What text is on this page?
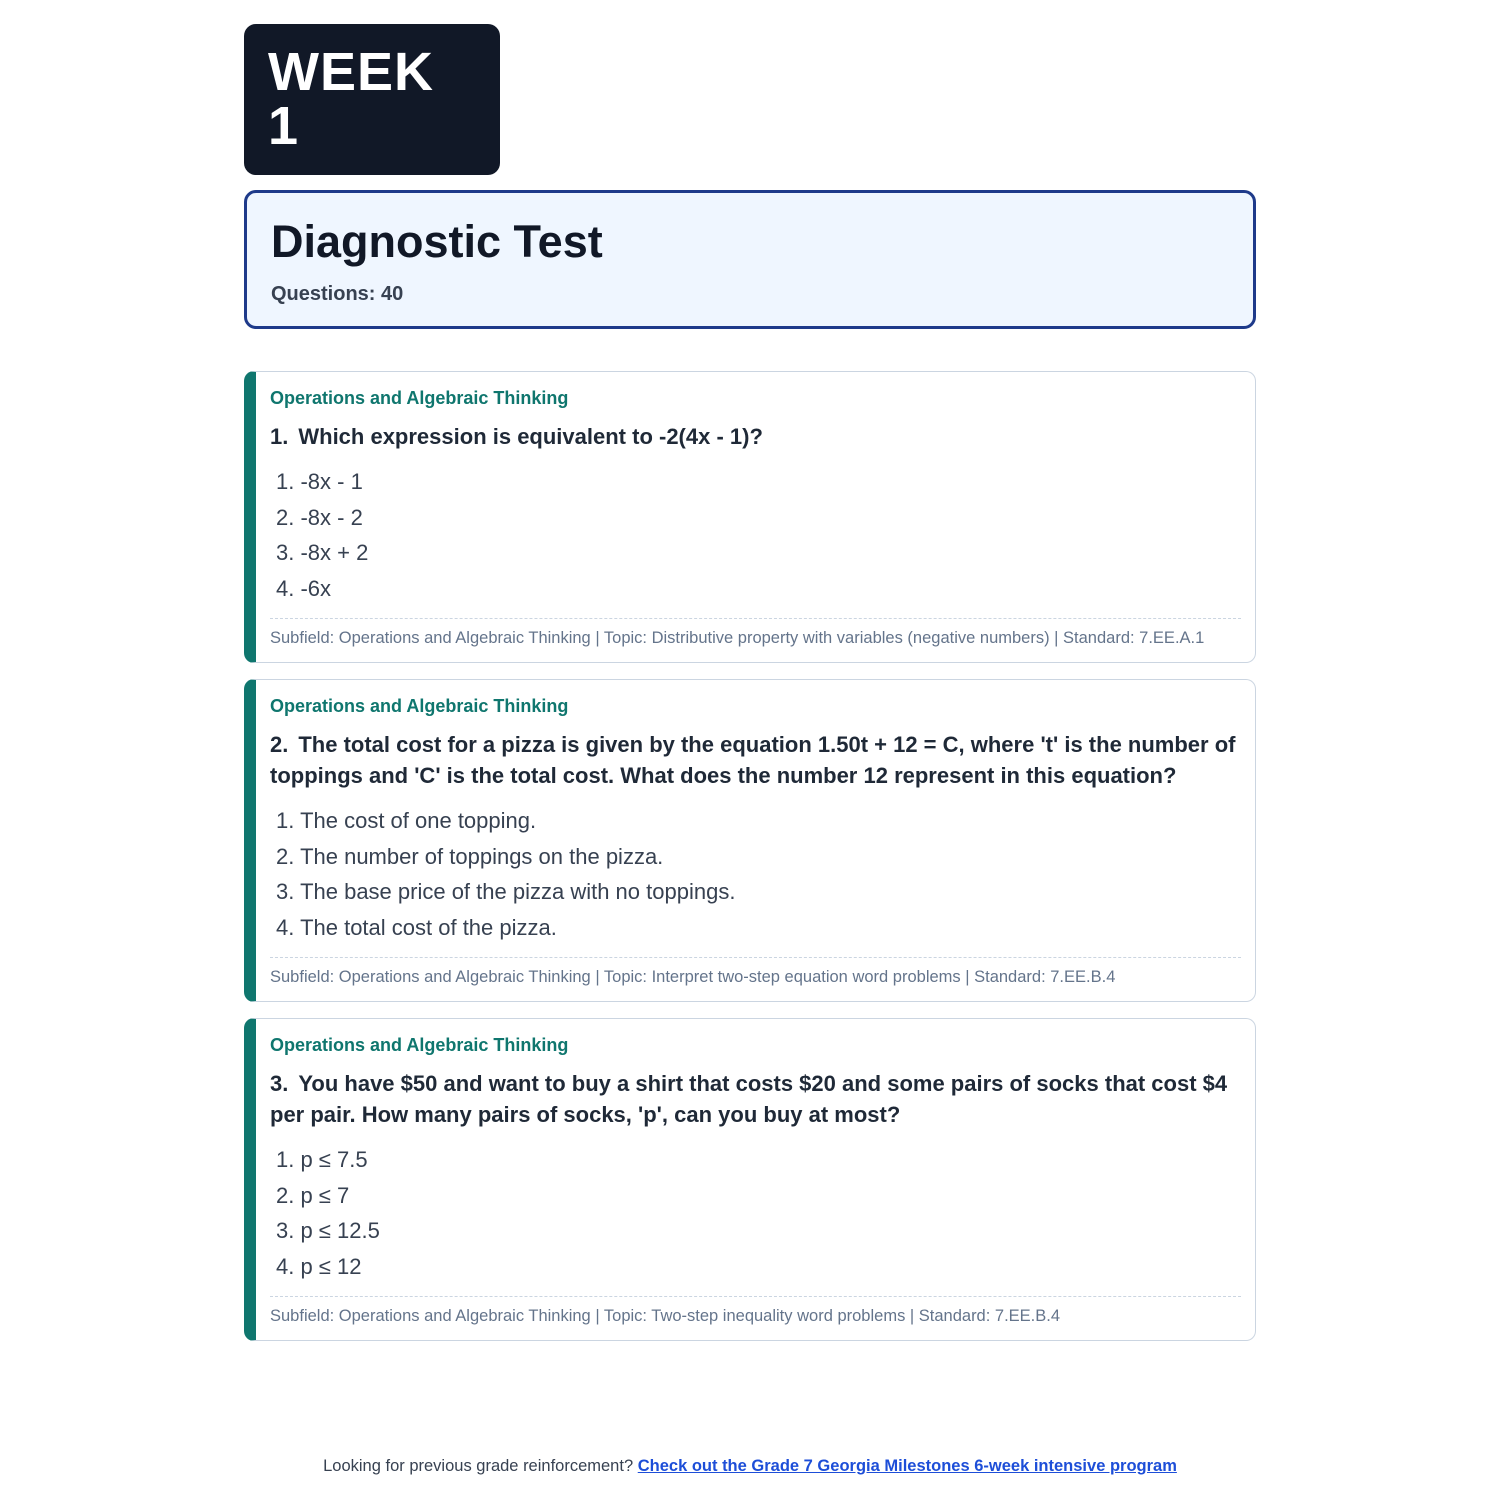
WEEK 1
Diagnostic Test
Questions: 40
Operations and Algebraic Thinking
1. Which expression is equivalent to -2(4x - 1)?
1. -8x - 1
2. -8x - 2
3. -8x + 2
4. -6x
Subfield: Operations and Algebraic Thinking | Topic: Distributive property with variables (negative numbers) | Standard: 7.EE.A.1
Operations and Algebraic Thinking
2. The total cost for a pizza is given by the equation 1.50t + 12 = C, where 't' is the number of toppings and 'C' is the total cost. What does the number 12 represent in this equation?
1. The cost of one topping.
2. The number of toppings on the pizza.
3. The base price of the pizza with no toppings.
4. The total cost of the pizza.
Subfield: Operations and Algebraic Thinking | Topic: Interpret two-step equation word problems | Standard: 7.EE.B.4
Operations and Algebraic Thinking
3. You have $50 and want to buy a shirt that costs $20 and some pairs of socks that cost $4 per pair. How many pairs of socks, 'p', can you buy at most?
1. p ≤ 7.5
2. p ≤ 7
3. p ≤ 12.5
4. p ≤ 12
Subfield: Operations and Algebraic Thinking | Topic: Two-step inequality word problems | Standard: 7.EE.B.4
Looking for previous grade reinforcement? Check out the Grade 7 Georgia Milestones 6-week intensive program
